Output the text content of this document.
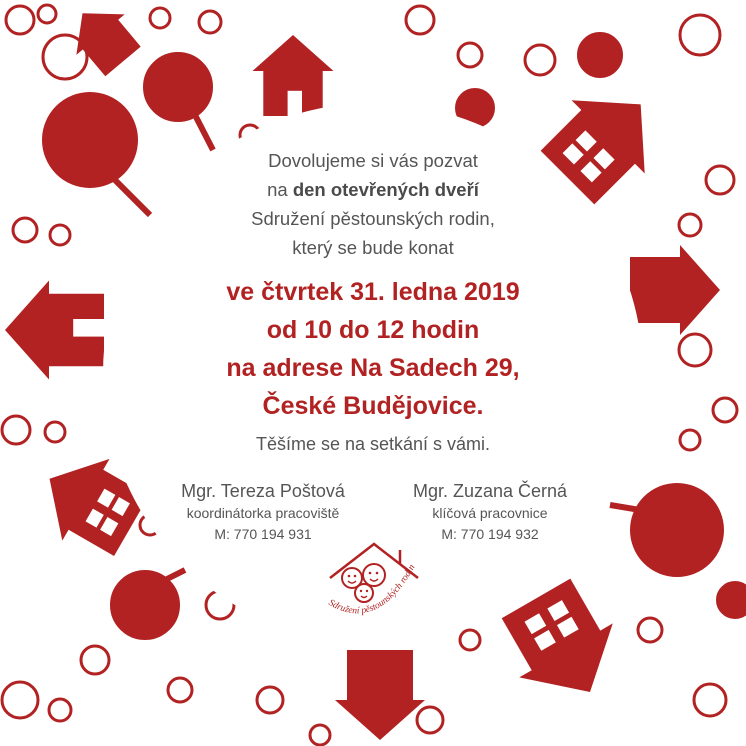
Dovolujeme si vás pozvat
na den otevřených dveří
Sdružení pěstounských rodin,
který se bude konat
ve čtvrtek 31. ledna 2019
od 10 do 12 hodin
na adrese Na Sadech 29,
České Budějovice.
Těšíme se na setkání s vámi.
Mgr. Tereza Poštová
koordinátorka pracoviště
M: 770 194 931
Mgr. Zuzana Černá
klíčová pracovnice
M: 770 194 932
Sdružení pěstounských rodin
